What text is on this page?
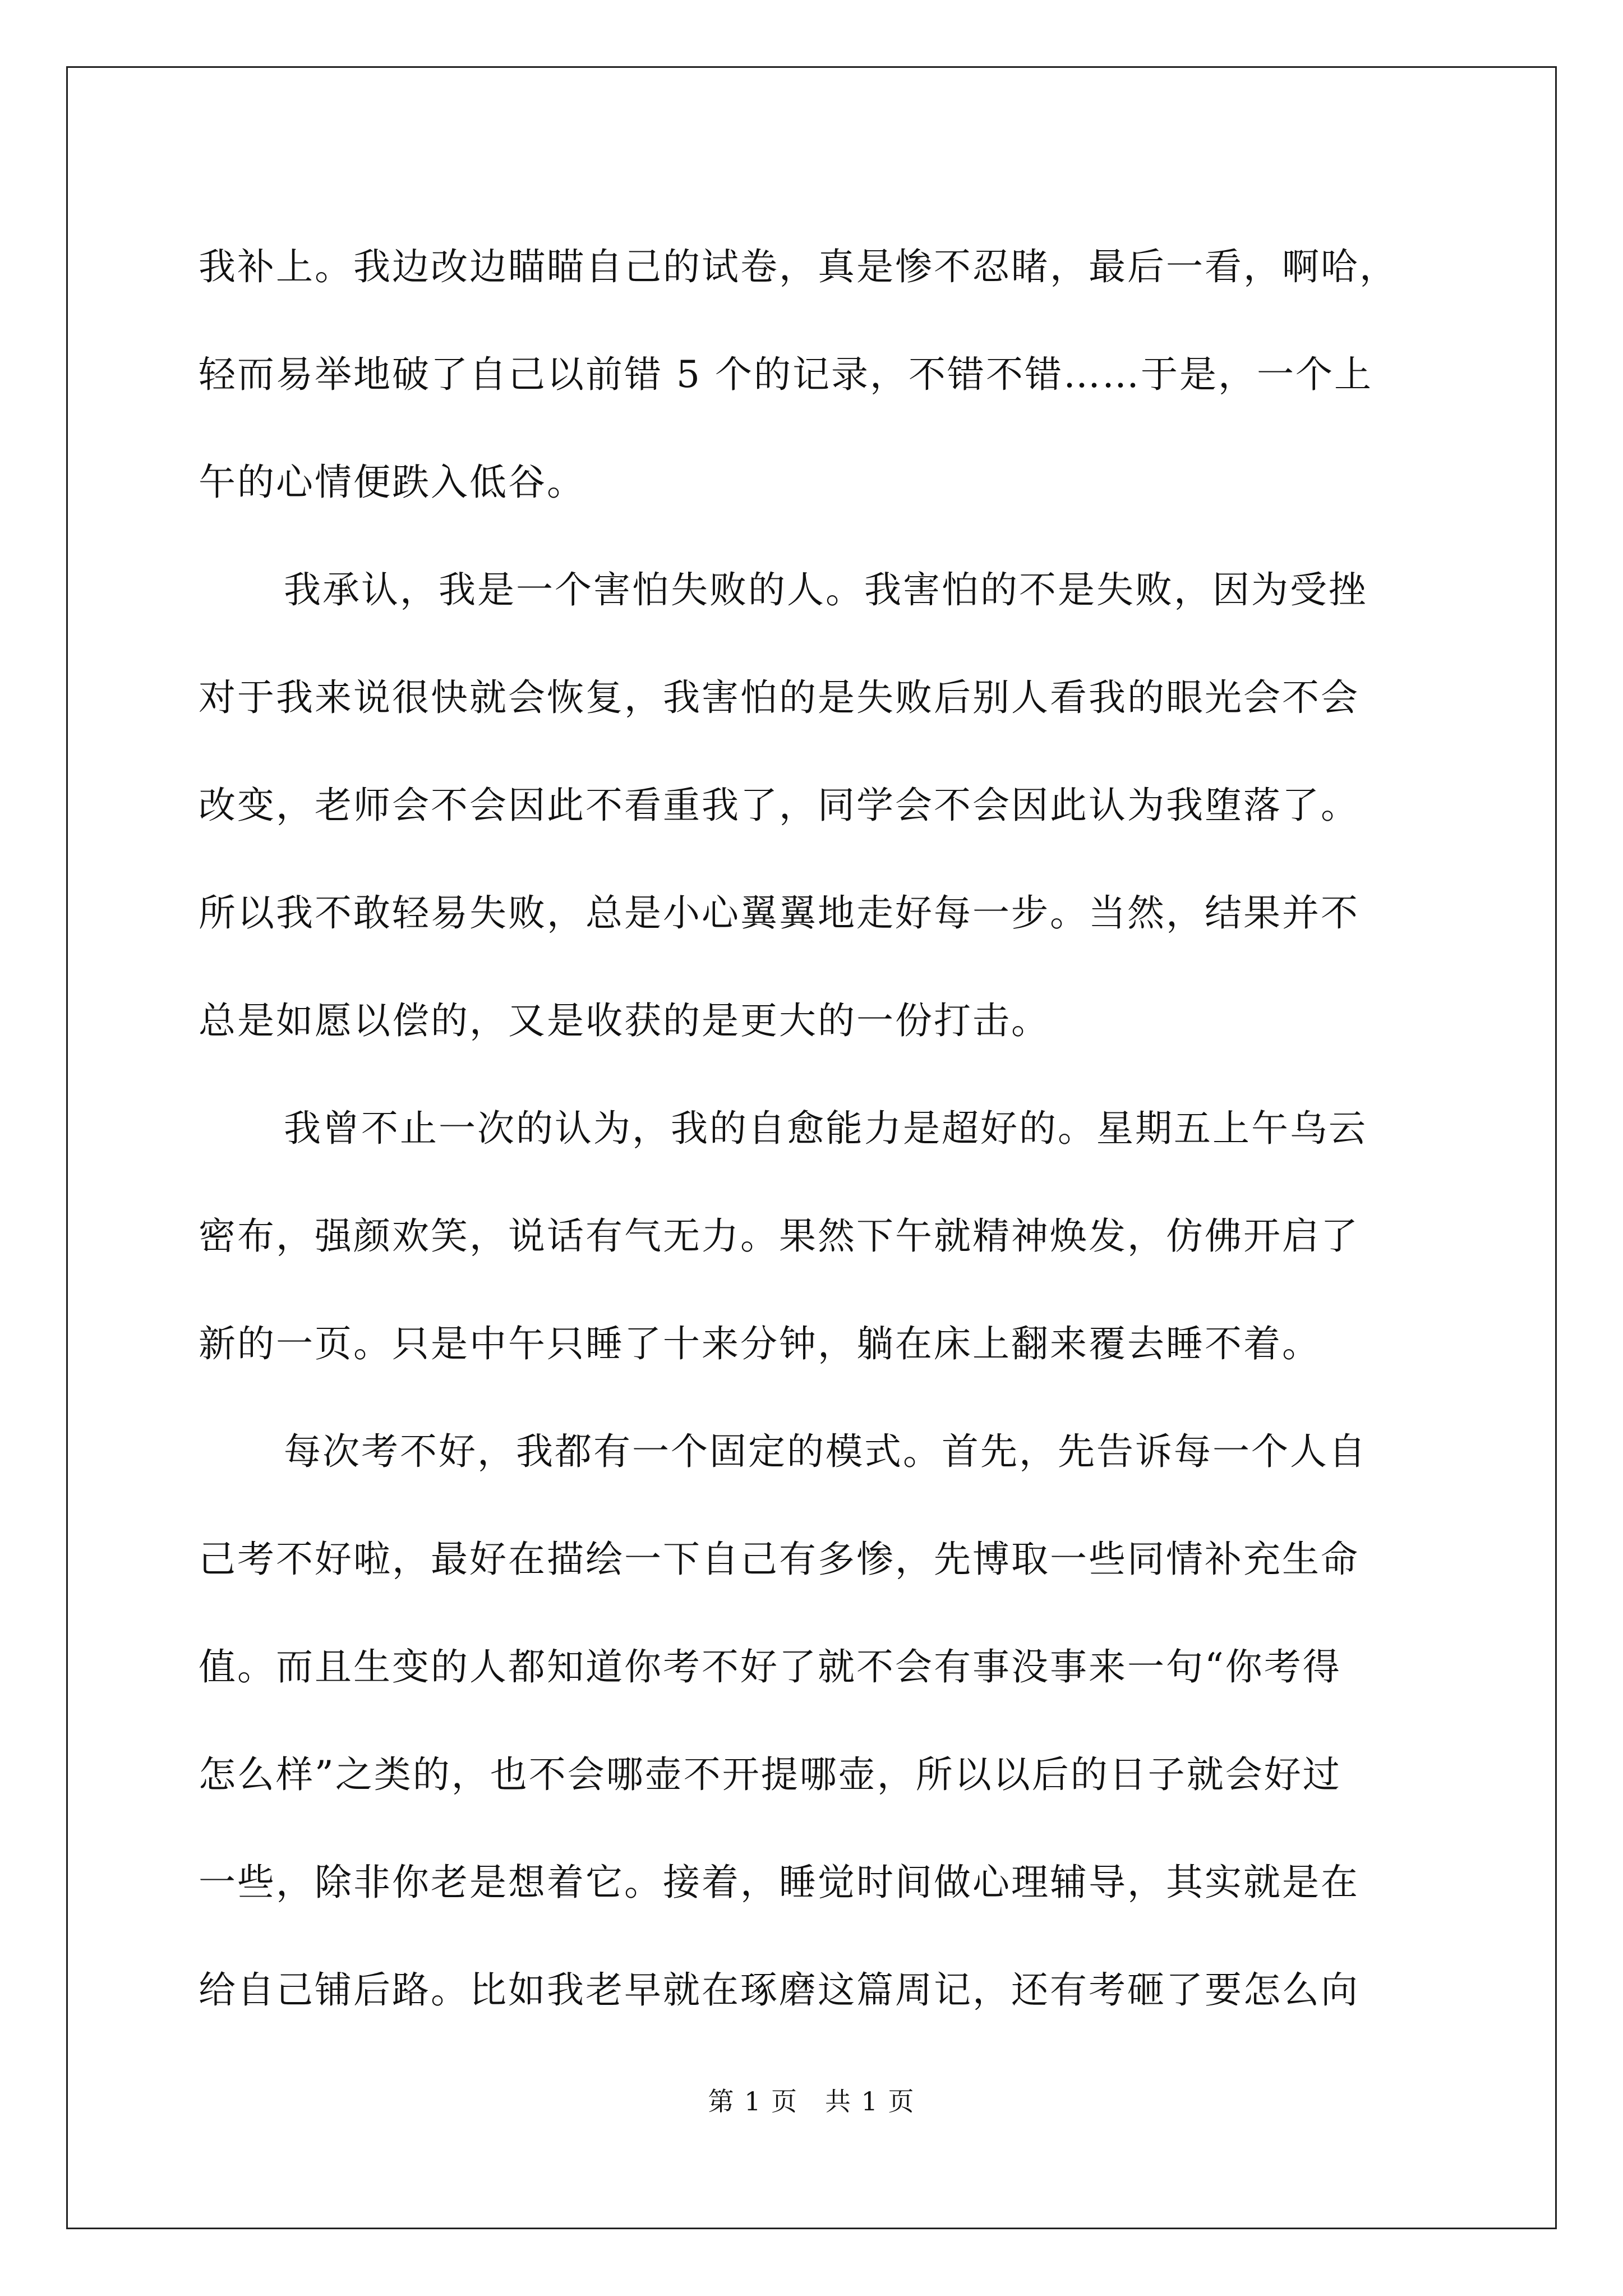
我补上。我边改边瞄瞄自己的试卷，真是惨不忍睹，最后一看，啊哈，
轻而易举地破了自己以前错 5 个的记录，不错不错……于是，一个上
午的心情便跌入低谷。
我承认，我是一个害怕失败的人。我害怕的不是失败，因为受挫
对于我来说很快就会恢复，我害怕的是失败后别人看我的眼光会不会
改变，老师会不会因此不看重我了，同学会不会因此认为我堕落了。
所以我不敢轻易失败，总是小心翼翼地走好每一步。当然，结果并不
总是如愿以偿的，又是收获的是更大的一份打击。
我曾不止一次的认为，我的自愈能力是超好的。星期五上午乌云
密布，强颜欢笑，说话有气无力。果然下午就精神焕发，仿佛开启了
新的一页。只是中午只睡了十来分钟，躺在床上翻来覆去睡不着。
每次考不好，我都有一个固定的模式。首先，先告诉每一个人自
己考不好啦，最好在描绘一下自己有多惨，先博取一些同情补充生命
值。而且生变的人都知道你考不好了就不会有事没事来一句“你考得
怎么样”之类的，也不会哪壶不开提哪壶，所以以后的日子就会好过
一些，除非你老是想着它。接着，睡觉时间做心理辅导，其实就是在
给自己铺后路。比如我老早就在琢磨这篇周记，还有考砸了要怎么向
第 1 页　共 1 页
